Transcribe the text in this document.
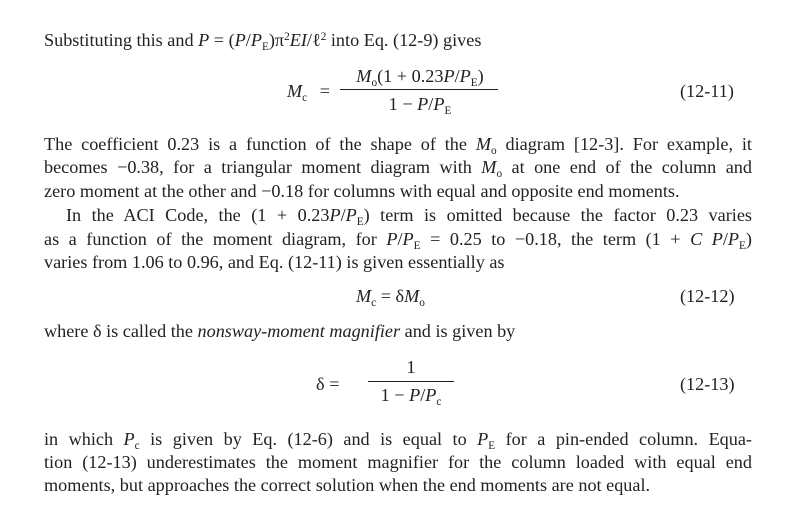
Substituting this and $P = (P/P_E)\pi^2EI/\ell^2$ into Eq. (12-9) gives
$M_c$ =
$M_o(1 + 0.23P/P_E)$
$1 - P/P_E$
(12-11)
The coefficient 0.23 is a function of the shape of the $M_o$ diagram [12-3]. For example, it
becomes −0.38, for a triangular moment diagram with $M_o$ at one end of the column and
zero moment at the other and −0.18 for columns with equal and opposite end moments.
In the ACI Code, the $(1 + 0.23P/P_E)$ term is omitted because the factor 0.23 varies
as a function of the moment diagram, for $P/P_E = 0.25$ to −0.18, the term (1 + C $P/P_E$)
varies from 1.06 to 0.96, and Eq. (12-11) is given essentially as
$M_c = \delta M_o$	(12-12)
where δ is called the nonsway-moment magnifier and is given by
δ =
1
$1 - P/P_c$
(12-13)
in which $P_c$ is given by Eq. (12-6) and is equal to $P_E$ for a pin-ended column. Equa-
tion (12-13) underestimates the moment magnifier for the column loaded with equal end
moments, but approaches the correct solution when the end moments are not equal.
